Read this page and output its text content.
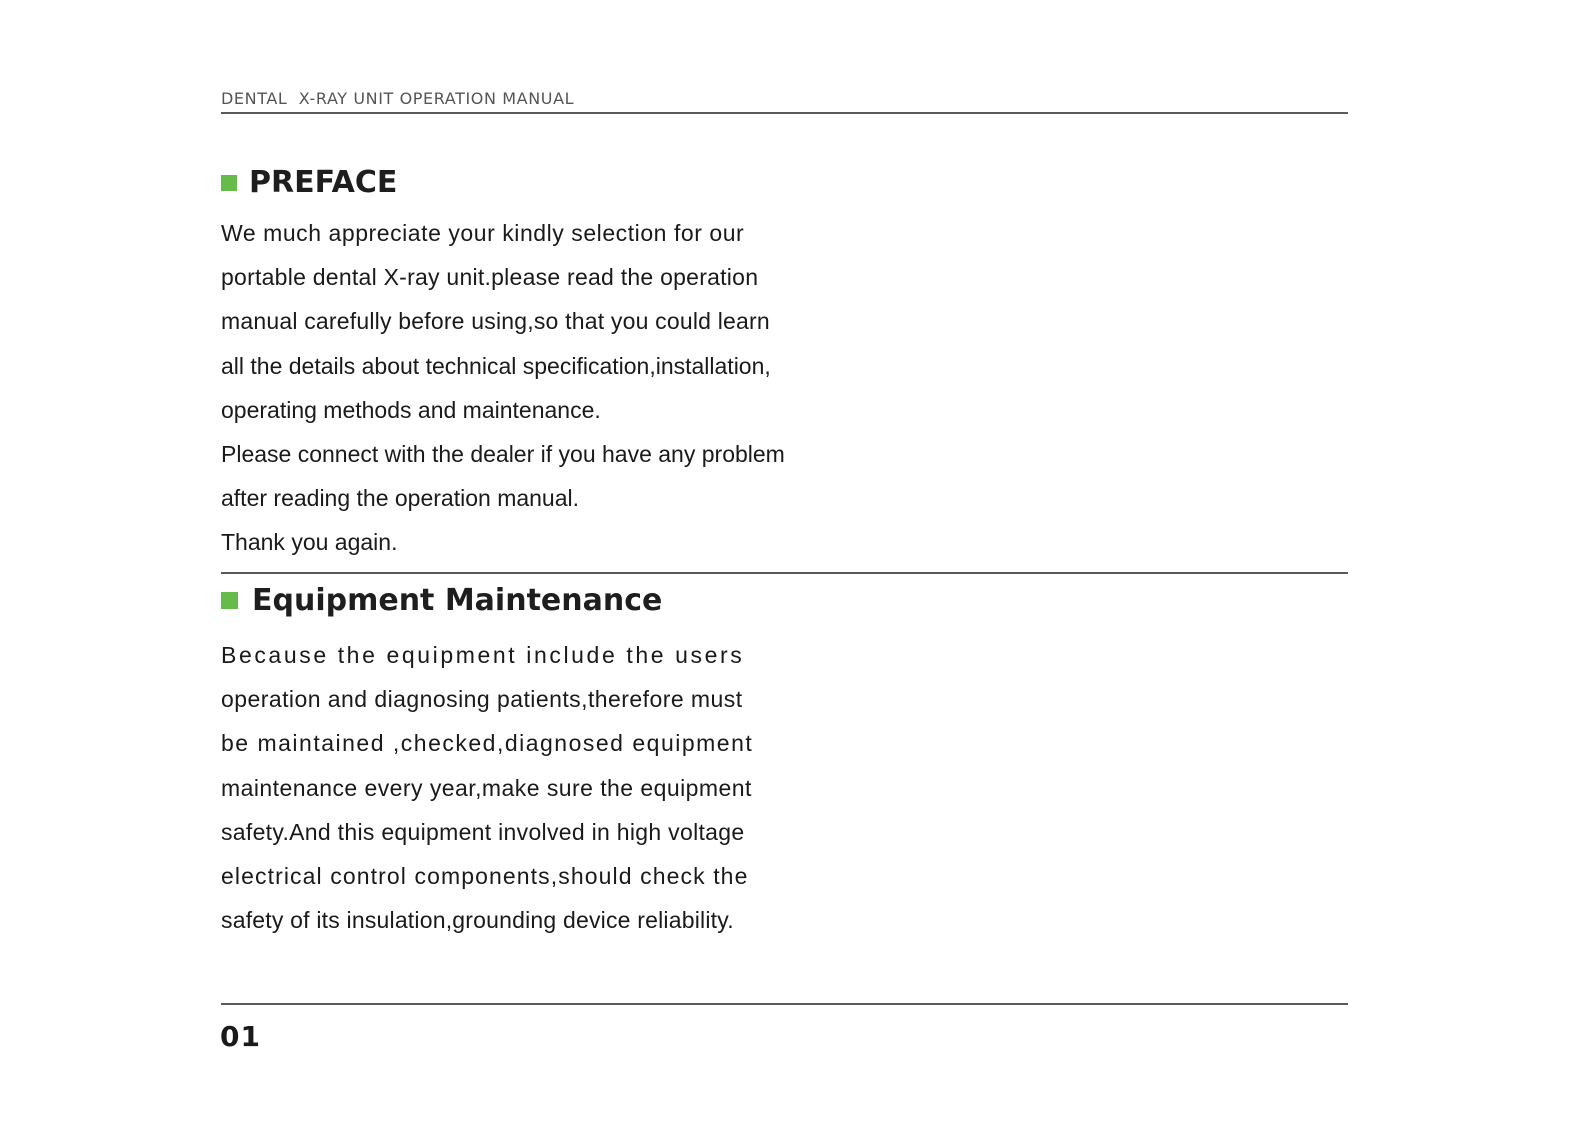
DENTAL  X-RAY UNIT OPERATION MANUAL
PREFACE
We much appreciate your kindly selection for our
portable dental X-ray unit.please read the operation
manual carefully before using,so that you could learn
all the details about technical specification,installation,
operating methods and maintenance.
Please connect with the dealer if you have any problem
after reading the operation manual.
Thank you again.
Equipment Maintenance
Because the equipment include the users
operation and diagnosing patients,therefore must
be maintained ,checked,diagnosed equipment
maintenance every year,make sure the equipment
safety.And this equipment involved in high voltage
electrical control components,should check the
safety of its insulation,grounding device reliability.
01
